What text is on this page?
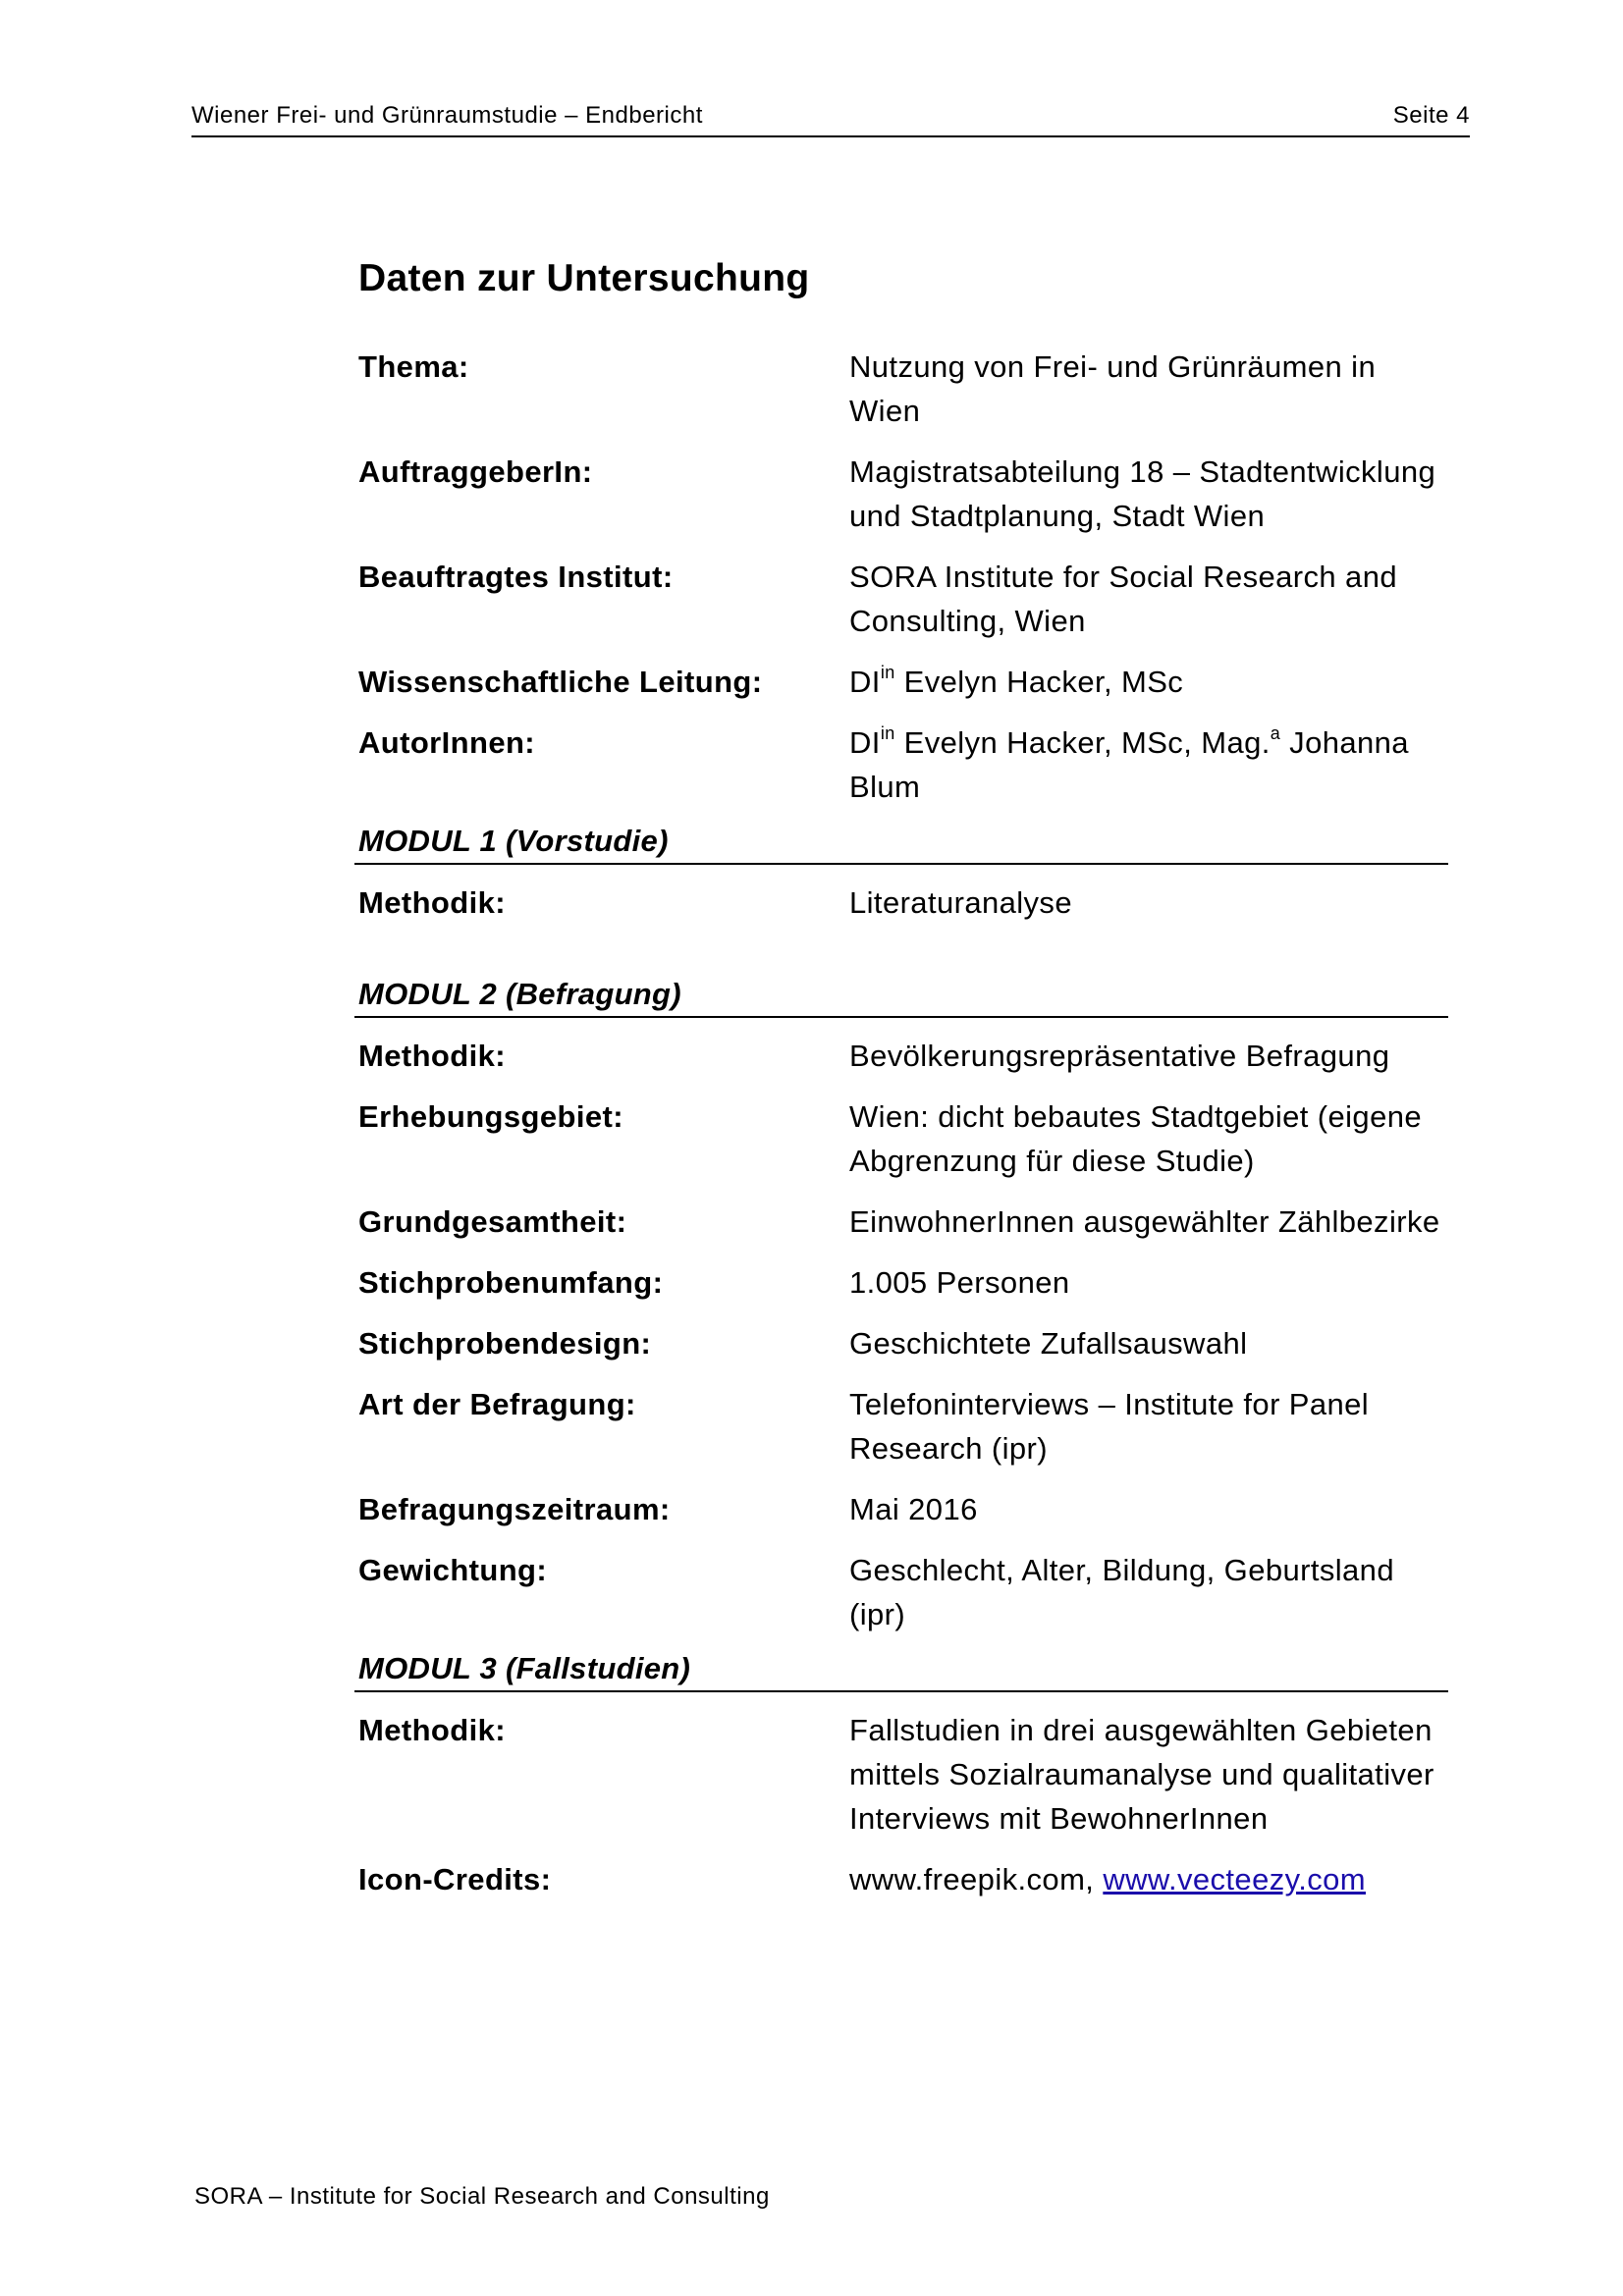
Wiener Frei- und Grünraumstudie – Endbericht	Seite 4
Daten zur Untersuchung
Thema:	Nutzung von Frei- und Grünräumen in Wien
AuftraggeberIn:	Magistratsabteilung 18 – Stadtentwicklung und Stadtplanung, Stadt Wien
Beauftragtes Institut:	SORA Institute for Social Research and Consulting, Wien
Wissenschaftliche Leitung:	$DI^{in}$ Evelyn Hacker, MSc
AutorInnen:	$DI^{in}$ Evelyn Hacker, MSc, Mag.$^a$ Johanna Blum
MODUL 1 (Vorstudie)
Methodik:	Literaturanalyse
MODUL 2 (Befragung)
Methodik:	Bevölkerungsrepräsentative Befragung
Erhebungsgebiet:	Wien: dicht bebautes Stadtgebiet (eigene Abgrenzung für diese Studie)
Grundgesamtheit:	EinwohnerInnen ausgewählter Zählbezirke
Stichprobenumfang:	1.005 Personen
Stichprobendesign:	Geschichtete Zufallsauswahl
Art der Befragung:	Telefoninterviews – Institute for Panel Research (ipr)
Befragungszeitraum:	Mai 2016
Gewichtung:	Geschlecht, Alter, Bildung, Geburtsland (ipr)
MODUL 3 (Fallstudien)
Methodik:	Fallstudien in drei ausgewählten Gebieten mittels Sozialraumanalyse und qualitativer Interviews mit BewohnerInnen
Icon-Credits:	www.freepik.com, www.vecteezy.com
SORA – Institute for Social Research and Consulting
